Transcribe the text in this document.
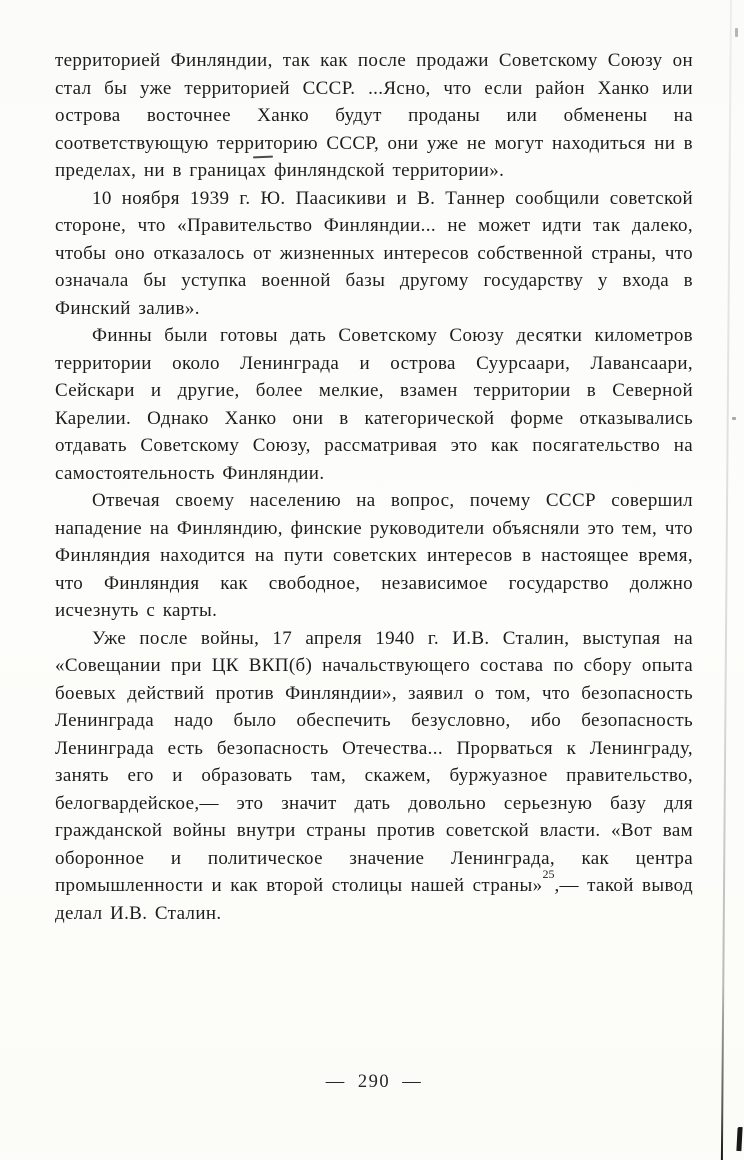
территорией Финляндии, так как после продажи Советскому Союзу он стал бы уже территорией СССР. ...Ясно, что если район Ханко или острова восточнее Ханко будут проданы или обменены на соответствующую территорию СССР, они уже не могут находиться ни в пределах, ни в границах финляндской территории».

10 ноября 1939 г. Ю. Паасикиви и В. Таннер сообщили советской стороне, что «Правительство Финляндии... не может идти так далеко, чтобы оно отказалось от жизненных интересов собственной страны, что означала бы уступка военной базы другому государству у входа в Финский залив».

Финны были готовы дать Советскому Союзу десятки километров территории около Ленинграда и острова Суурсаари, Лавансаари, Сейскари и другие, более мелкие, взамен территории в Северной Карелии. Однако Ханко они в категорической форме отказывались отдавать Советскому Союзу, рассматривая это как посягательство на самостоятельность Финляндии.

Отвечая своему населению на вопрос, почему СССР совершил нападение на Финляндию, финские руководители объясняли это тем, что Финляндия находится на пути советских интересов в настоящее время, что Финляндия как свободное, независимое государство должно исчезнуть с карты.

Уже после войны, 17 апреля 1940 г. И.В. Сталин, выступая на «Совещании при ЦК ВКП(б) начальствующего состава по сбору опыта боевых действий против Финляндии», заявил о том, что безопасность Ленинграда надо было обеспечить безусловно, ибо безопасность Ленинграда есть безопасность Отечества... Прорваться к Ленинграду, занять его и образовать там, скажем, буржуазное правительство, белогвардейское,— это значит дать довольно серьезную базу для гражданской войны внутри страны против советской власти. «Вот вам оборонное и политическое значение Ленинграда, как центра промышленности и как второй столицы нашей страны»$^{25}$,— такой вывод делал И.В. Сталин.

— 290 —
